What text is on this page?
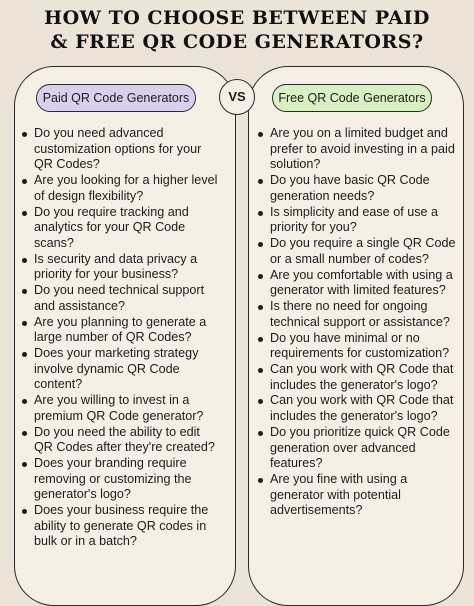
HOW TO CHOOSE BETWEEN PAID
& FREE QR CODE GENERATORS?
Paid QR Code Generators	Free QR Code Generators
VS
Do you need advanced customization options for your QR Codes?
Are you looking for a higher level of design flexibility?
Do you require tracking and analytics for your QR Code scans?
Is security and data privacy a priority for your business?
Do you need technical support and assistance?
Are you planning to generate a large number of QR Codes?
Does your marketing strategy involve dynamic QR Code content?
Are you willing to invest in a premium QR Code generator?
Do you need the ability to edit QR Codes after they're created?
Does your branding require removing or customizing the generator's logo?
Does your business require the ability to generate QR codes in bulk or in a batch?
Are you on a limited budget and prefer to avoid investing in a paid solution?
Do you have basic QR Code generation needs?
Is simplicity and ease of use a priority for you?
Do you require a single QR Code or a small number of codes?
Are you comfortable with using a generator with limited features?
Is there no need for ongoing technical support or assistance?
Do you have minimal or no requirements for customization?
Can you work with QR Code that includes the generator's logo?
Can you work with QR Code that includes the generator's logo?
Do you prioritize quick QR Code generation over advanced features?
Are you fine with using a generator with potential advertisements?
